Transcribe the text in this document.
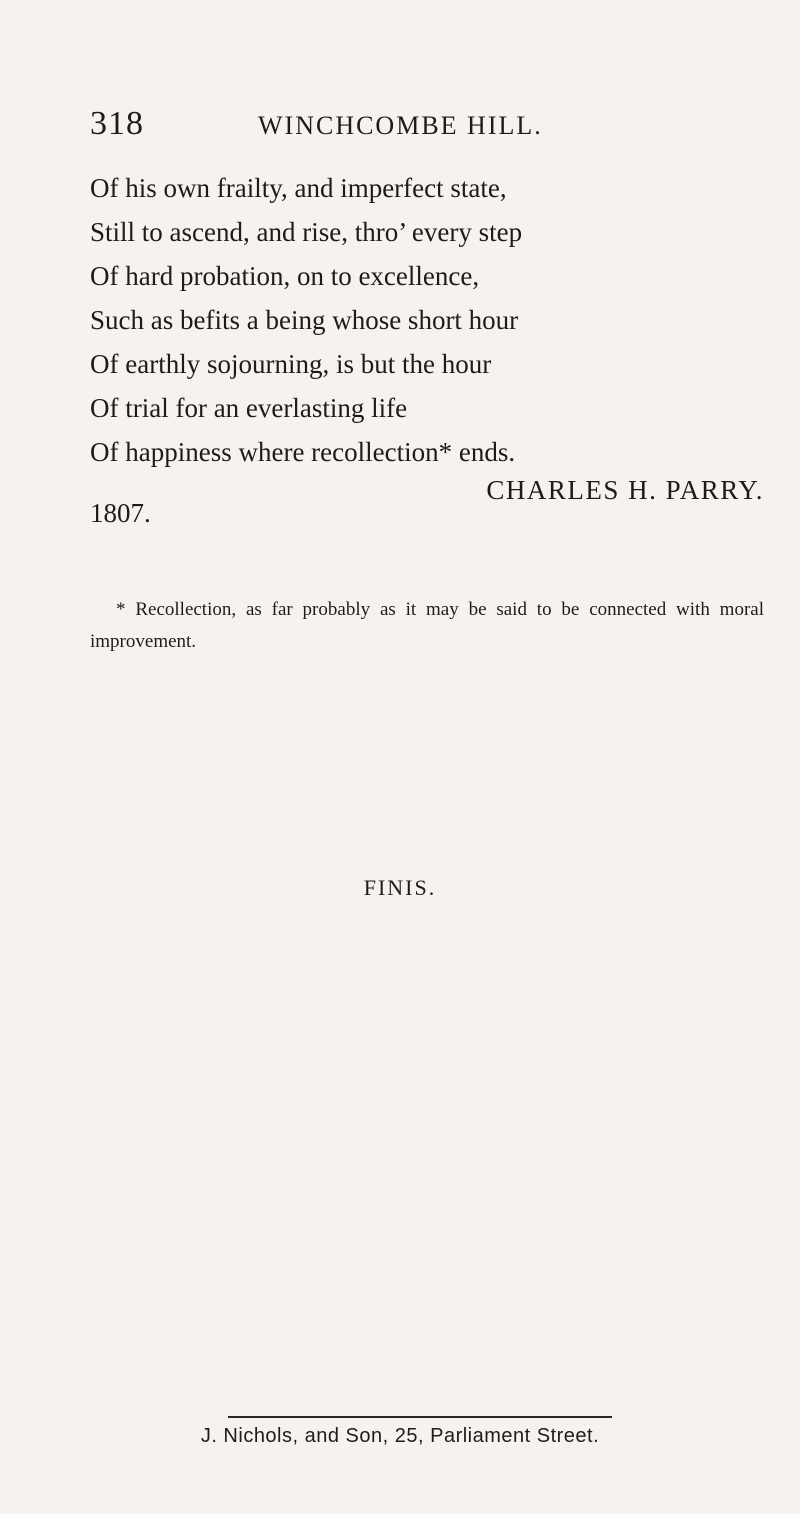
318	WINCHCOMBE HILL.
Of his own frailty, and imperfect state,
Still to ascend, and rise, thro’ every step
Of hard probation, on to excellence,
Such as befits a being whose short hour
Of earthly sojourning, is but the hour
Of trial for an everlasting life
Of happiness where recollection* ends.
CHARLES H. PARRY.
1807.

* Recollection, as far probably as it may be said to be connected with moral improvement.

FINIS.
J. Nichols, and Son, 25, Parliament Street.
